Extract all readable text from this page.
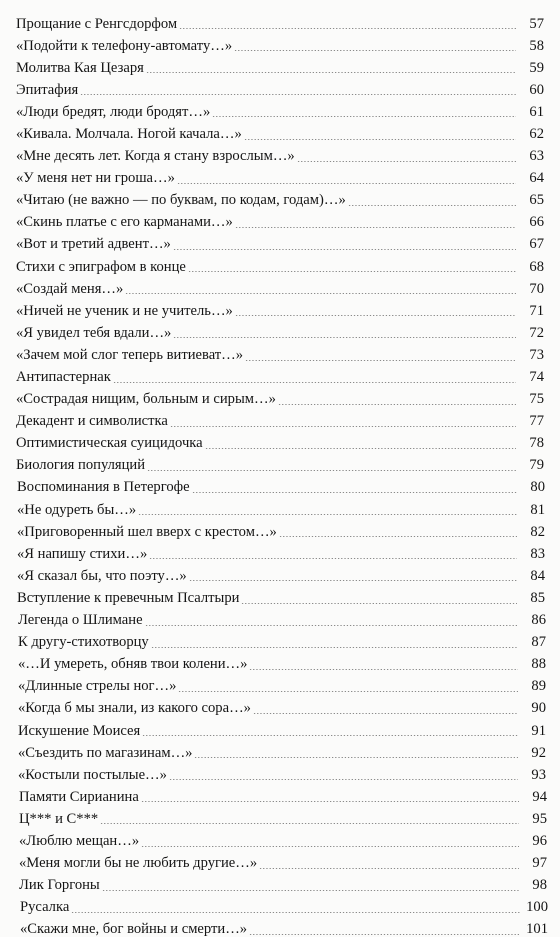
Прощание с Ренгсдорфом	57
«Подойти к телефону-автомату…»	58
Молитва Кая Цезаря	59
Эпитафия	60
«Люди бредят, люди бродят…»	61
«Кивала. Молчала. Ногой качала…»	62
«Мне десять лет. Когда я стану взрослым…»	63
«У меня нет ни гроша…»	64
«Читаю (не важно — по буквам, по кодам, годам)…»	65
«Скинь платье с его карманами…»	66
«Вот и третий адвент…»	67
Стихи с эпиграфом в конце	68
«Создай меня…»	70
«Ничей не ученик и не учитель…»	71
«Я увидел тебя вдали…»	72
«Зачем мой слог теперь витиеват…»	73
Антипастернак	74
«Сострадая нищим, больным и сирым…»	75
Декадент и символистка	77
Оптимистическая суицидочка	78
Биология популяций	79
Воспоминания в Петергофе	80
«Не одуреть бы…»	81
«Приговоренный шел вверх с крестом…»	82
«Я напишу стихи…»	83
«Я сказал бы, что поэту…»	84
Вступление к превечным Псалтыри	85
Легенда о Шлимане	86
К другу-стихотворцу	87
«…И умереть, обняв твои колени…»	88
«Длинные стрелы ног…»	89
«Когда б мы знали, из какого сора…»	90
Искушение Моисея	91
«Съездить по магазинам…»	92
«Костыли постылые…»	93
Памяти Сирианина	94
Ц*** и С***	95
«Люблю мещан…»	96
«Меня могли бы не любить другие…»	97
Лик Горгоны	98
Русалка	100
«Скажи мне, бог войны и смерти…»	101
